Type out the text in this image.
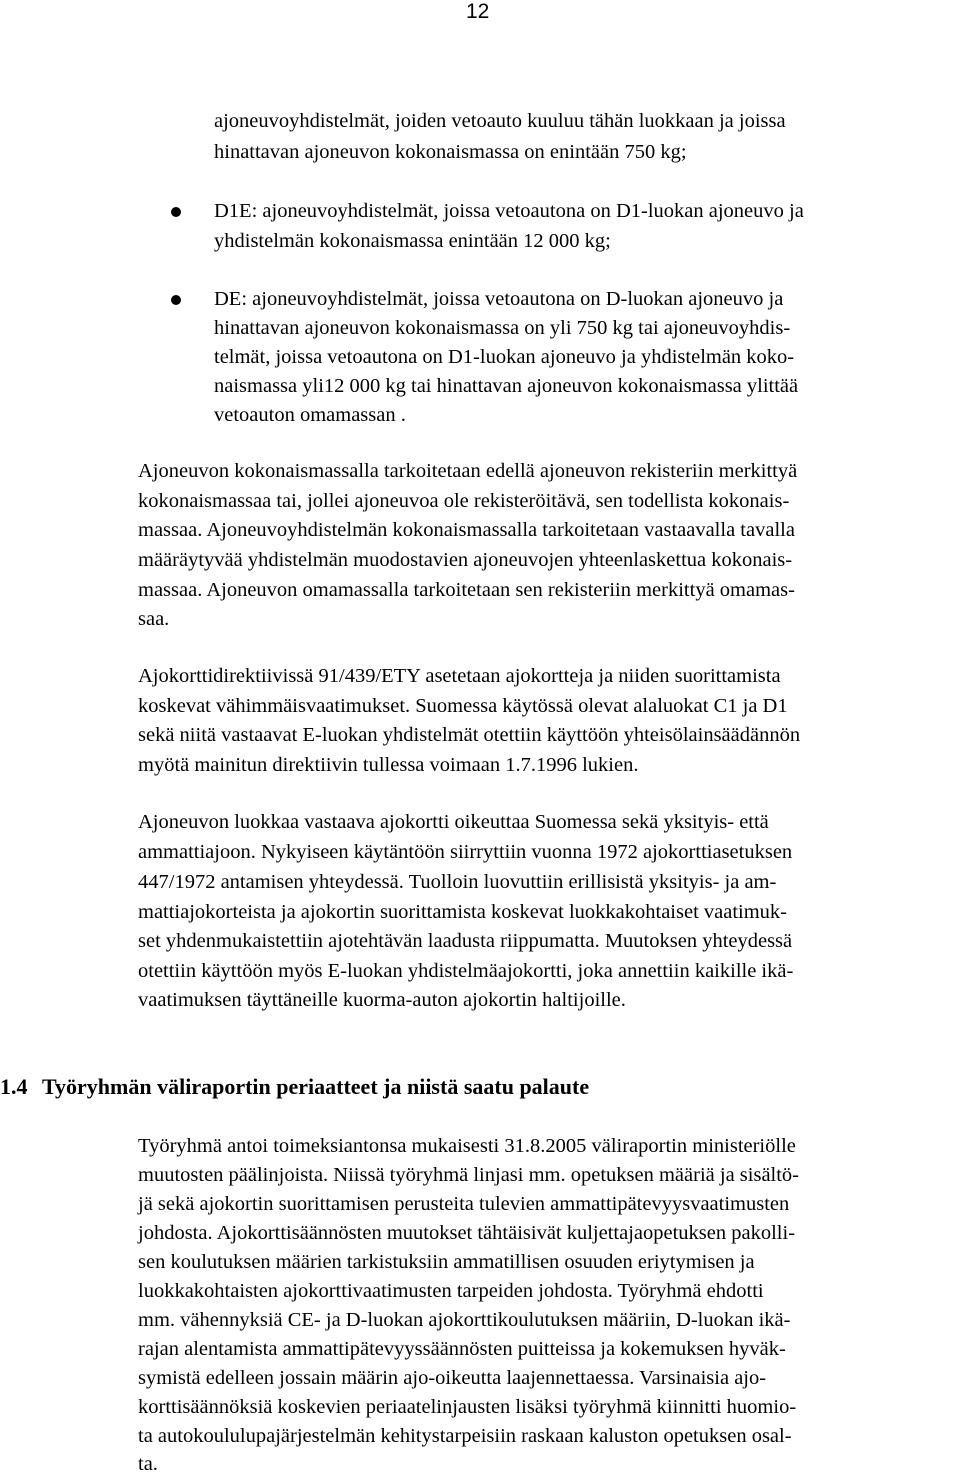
12
ajoneuvoyhdistelmät, joiden vetoauto kuuluu tähän luokkaan ja joissa
hinattavan ajoneuvon kokonaismassa on enintään 750 kg;
D1E: ajoneuvoyhdistelmät, joissa vetoautona on D1-luokan ajoneuvo ja
yhdistelmän kokonaismassa enintään 12 000 kg;
DE: ajoneuvoyhdistelmät, joissa vetoautona on D-luokan ajoneuvo ja
hinattavan ajoneuvon kokonaismassa on yli 750 kg tai ajoneuvoyhdis-
telmät, joissa vetoautona on D1-luokan ajoneuvo ja yhdistelmän koko-
naismassa yli12 000 kg tai hinattavan ajoneuvon kokonaismassa ylittää
vetoauton omamassan .
Ajoneuvon kokonaismassalla tarkoitetaan edellä ajoneuvon rekisteriin merkittyä
kokonaismassaa tai, jollei ajoneuvoa ole rekisteröitävä, sen todellista kokonais-
massaa. Ajoneuvoyhdistelmän kokonaismassalla tarkoitetaan vastaavalla tavalla
määräytyvää yhdistelmän muodostavien ajoneuvojen yhteenlaskettua kokonais-
massaa. Ajoneuvon omamassalla tarkoitetaan sen rekisteriin merkittyä omamas-
saa.
Ajokorttidirektiivissä 91/439/ETY asetetaan ajokortteja ja niiden suorittamista
koskevat vähimmäisvaatimukset. Suomessa käytössä olevat alaluokat C1 ja D1
sekä niitä vastaavat E-luokan yhdistelmät otettiin käyttöön yhteisölainsäädännön
myötä mainitun direktiivin tullessa voimaan 1.7.1996 lukien.
Ajoneuvon luokkaa vastaava ajokortti oikeuttaa Suomessa sekä yksityis- että
ammattiajoon. Nykyiseen käytäntöön siirryttiin vuonna 1972 ajokorttiasetuksen
447/1972 antamisen yhteydessä. Tuolloin luovuttiin erillisistä yksityis- ja am-
mattiajokorteista ja ajokortin suorittamista koskevat luokkakohtaiset vaatimuk-
set yhdenmukaistettiin ajotehtävän laadusta riippumatta. Muutoksen yhteydessä
otettiin käyttöön myös E-luokan yhdistelmäajokortti, joka annettiin kaikille ikä-
vaatimuksen täyttäneille kuorma-auton ajokortin haltijoille.
1.4 Työryhmän väliraportin periaatteet ja niistä saatu palaute
Työryhmä antoi toimeksiantonsa mukaisesti 31.8.2005 väliraportin ministeriölle
muutosten päälinjoista. Niissä työryhmä linjasi mm. opetuksen määriä ja sisältö-
jä sekä ajokortin suorittamisen perusteita tulevien ammattipätevyysvaatimusten
johdosta. Ajokorttisäännösten muutokset tähtäisivät kuljettajaopetuksen pakolli-
sen koulutuksen määrien tarkistuksiin ammatillisen osuuden eriytymisen ja
luokkakohtaisten ajokorttivaatimusten tarpeiden johdosta. Työryhmä ehdotti
mm. vähennyksiä CE- ja D-luokan ajokorttikoulutuksen määriin, D-luokan ikä-
rajan alentamista ammattipätevyyssäännösten puitteissa ja kokemuksen hyväk-
symistä edelleen jossain määrin ajo-oikeutta laajennettaessa. Varsinaisia ajo-
korttisäännöksiä koskevien periaatelinjausten lisäksi työryhmä kiinnitti huomio-
ta autokoululupajärjestelmän kehitystarpeisiin raskaan kaluston opetuksen osal-
ta.
